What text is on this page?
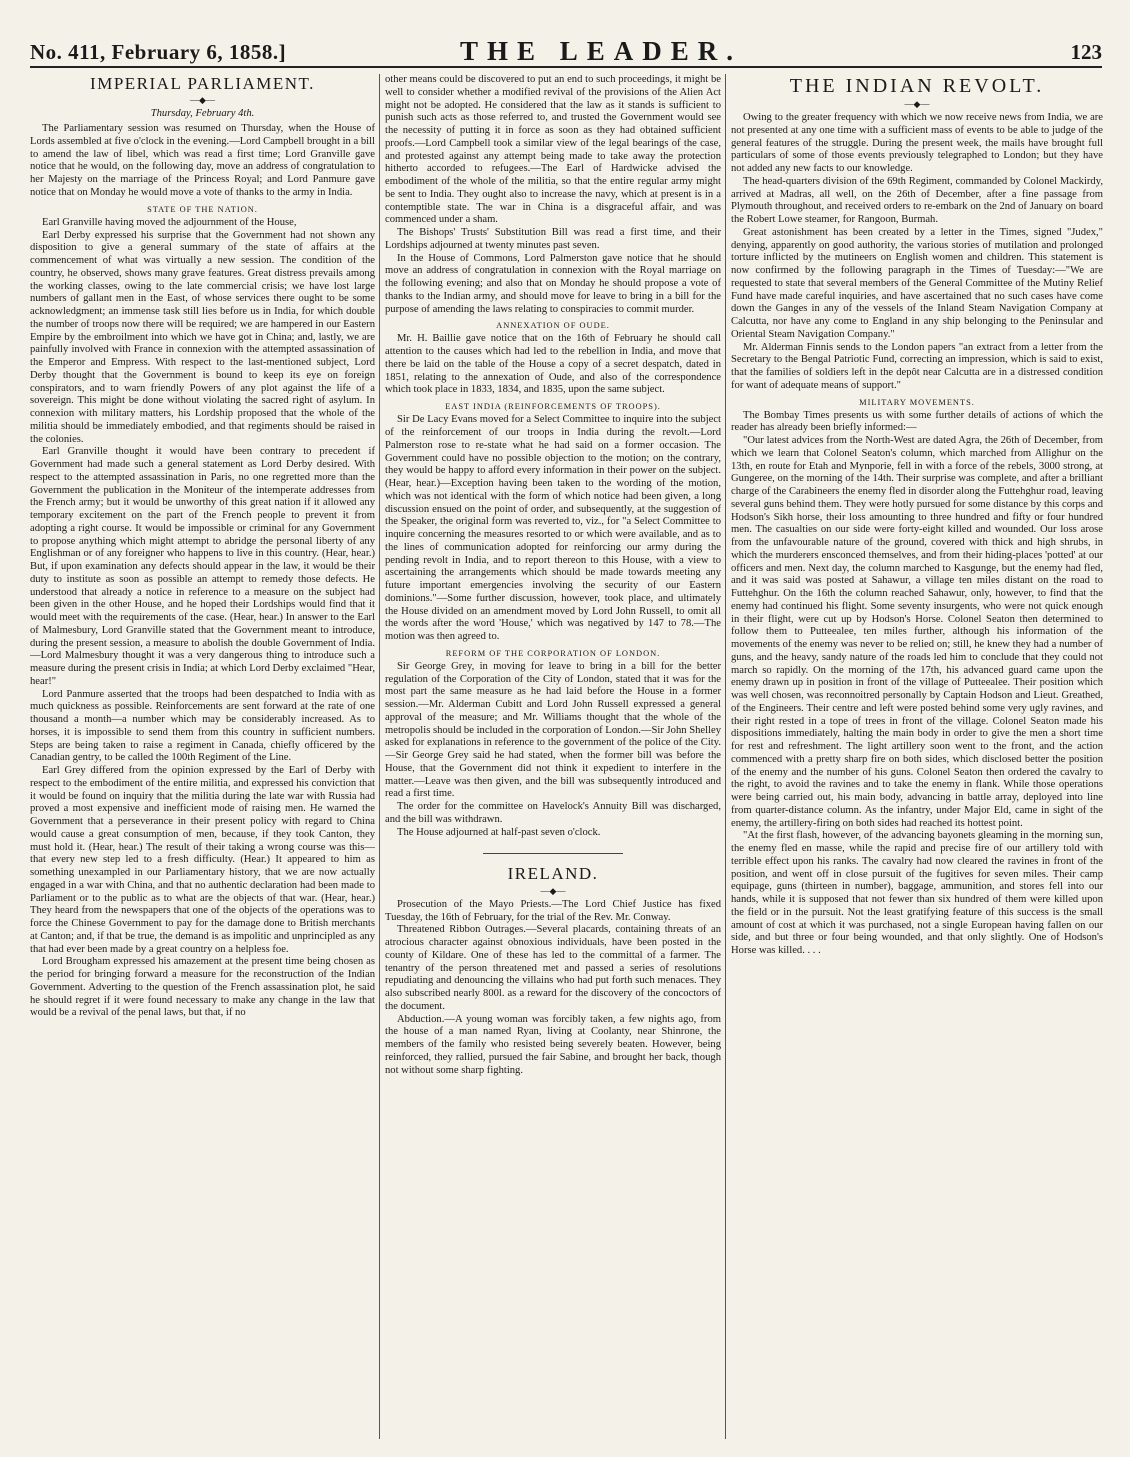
No. 411, February 6, 1858.]	THE LEADER.	123
IMPERIAL PARLIAMENT.
—◆—
Thursday, February 4th.

The Parliamentary session was resumed on Thursday, when the House of Lords assembled at five o'clock in the evening.—Lord Campbell brought in a bill to amend the law of libel, which was read a first time; Lord Granville gave notice that he would, on the following day, move an address of congratulation to her Majesty on the marriage of the Princess Royal; and Lord Panmure gave notice that on Monday he would move a vote of thanks to the army in India.

STATE OF THE NATION.

Earl Granville having moved the adjournment of the House,

Earl Derby expressed his surprise that the Government had not shown any disposition to give a general summary of the state of affairs at the commencement of what was virtually a new session. The condition of the country, he observed, shows many grave features. Great distress prevails among the working classes, owing to the late commercial crisis; we have lost large numbers of gallant men in the East, of whose services there ought to be some acknowledgment; an immense task still lies before us in India, for which double the number of troops now there will be required; we are hampered in our Eastern Empire by the embroilment into which we have got in China; and, lastly, we are painfully involved with France in connexion with the attempted assassination of the Emperor and Empress. With respect to the last-mentioned subject, Lord Derby thought that the Government is bound to keep its eye on foreign conspirators, and to warn friendly Powers of any plot against the life of a sovereign. This might be done without violating the sacred right of asylum. In connexion with military matters, his Lordship proposed that the whole of the militia should be immediately embodied, and that regiments should be raised in the colonies.

Earl Granville thought it would have been contrary to precedent if Government had made such a general statement as Lord Derby desired. With respect to the attempted assassination in Paris, no one regretted more than the Government the publication in the Moniteur of the intemperate addresses from the French army; but it would be unworthy of this great nation if it allowed any temporary excitement on the part of the French people to prevent it from adopting a right course. It would be impossible or criminal for any Government to propose anything which might attempt to abridge the personal liberty of any Englishman or of any foreigner who happens to live in this country. (Hear, hear.) But, if upon examination any defects should appear in the law, it would be their duty to institute as soon as possible an attempt to remedy those defects. He understood that already a notice in reference to a measure on the subject had been given in the other House, and he hoped their Lordships would find that it would meet with the requirements of the case. (Hear, hear.) In answer to the Earl of Malmesbury, Lord Granville stated that the Government meant to introduce, during the present session, a measure to abolish the double Government of India.—Lord Malmesbury thought it was a very dangerous thing to introduce such a measure during the present crisis in India; at which Lord Derby exclaimed "Hear, hear!"

Lord Panmure asserted that the troops had been despatched to India with as much quickness as possible. Reinforcements are sent forward at the rate of one thousand a month—a number which may be considerably increased. As to horses, it is impossible to send them from this country in sufficient numbers. Steps are being taken to raise a regiment in Canada, chiefly officered by the Canadian gentry, to be called the 100th Regiment of the Line.

Earl Grey differed from the opinion expressed by the Earl of Derby with respect to the embodiment of the entire militia, and expressed his conviction that it would be found on inquiry that the militia during the late war with Russia had proved a most expensive and inefficient mode of raising men. He warned the Government that a perseverance in their present policy with regard to China would cause a great consumption of men, because, if they took Canton, they must hold it. (Hear, hear.) The result of their taking a wrong course was this—that every new step led to a fresh difficulty. (Hear.) It appeared to him as something unexampled in our Parliamentary history, that we are now actually engaged in a war with China, and that no authentic declaration had been made to Parliament or to the public as to what are the objects of that war. (Hear, hear.) They heard from the newspapers that one of the objects of the operations was to force the Chinese Government to pay for the damage done to British merchants at Canton; and, if that be true, the demand is as impolitic and unprincipled as any that had ever been made by a great country on a helpless foe.

Lord Brougham expressed his amazement at the present time being chosen as the period for bringing forward a measure for the reconstruction of the Indian Government. Adverting to the question of the French assassination plot, he said he should regret if it were found necessary to make any change in the law that would be a revival of the penal laws, but that, if no

other means could be discovered to put an end to such proceedings, it might be well to consider whether a modified revival of the provisions of the Alien Act might not be adopted. He considered that the law as it stands is sufficient to punish such acts as those referred to, and trusted the Government would see the necessity of putting it in force as soon as they had obtained sufficient proofs.—Lord Campbell took a similar view of the legal bearings of the case, and protested against any attempt being made to take away the protection hitherto accorded to refugees.—The Earl of Hardwicke advised the embodiment of the whole of the militia, so that the entire regular army might be sent to India. They ought also to increase the navy, which at present is in a contemptible state. The war in China is a disgraceful affair, and was commenced under a sham.

The Bishops' Trusts' Substitution Bill was read a first time, and their Lordships adjourned at twenty minutes past seven.

In the House of Commons, Lord Palmerston gave notice that he should move an address of congratulation in connexion with the Royal marriage on the following evening; and also that on Monday he should propose a vote of thanks to the Indian army, and should move for leave to bring in a bill for the purpose of amending the laws relating to conspiracies to commit murder.

ANNEXATION OF OUDE.

Mr. H. Baillie gave notice that on the 16th of February he should call attention to the causes which had led to the rebellion in India, and move that there be laid on the table of the House a copy of a secret despatch, dated in 1851, relating to the annexation of Oude, and also of the correspondence which took place in 1833, 1834, and 1835, upon the same subject.

EAST INDIA (REINFORCEMENTS OF TROOPS).

Sir De Lacy Evans moved for a Select Committee to inquire into the subject of the reinforcement of our troops in India during the revolt.—Lord Palmerston rose to re-state what he had said on a former occasion. The Government could have no possible objection to the motion; on the contrary, they would be happy to afford every information in their power on the subject. (Hear, hear.)—Exception having been taken to the wording of the motion, which was not identical with the form of which notice had been given, a long discussion ensued on the point of order, and subsequently, at the suggestion of the Speaker, the original form was reverted to, viz., for "a Select Committee to inquire concerning the measures resorted to or which were available, and as to the lines of communication adopted for reinforcing our army during the pending revolt in India, and to report thereon to this House, with a view to ascertaining the arrangements which should be made towards meeting any future important emergencies involving the security of our Eastern dominions."—Some further discussion, however, took place, and ultimately the House divided on an amendment moved by Lord John Russell, to omit all the words after the word 'House,' which was negatived by 147 to 78.—The motion was then agreed to.

REFORM OF THE CORPORATION OF LONDON.

Sir George Grey, in moving for leave to bring in a bill for the better regulation of the Corporation of the City of London, stated that it was for the most part the same measure as he had laid before the House in a former session.—Mr. Alderman Cubitt and Lord John Russell expressed a general approval of the measure; and Mr. Williams thought that the whole of the metropolis should be included in the corporation of London.—Sir John Shelley asked for explanations in reference to the government of the police of the City.—Sir George Grey said he had stated, when the former bill was before the House, that the Government did not think it expedient to interfere in the matter.—Leave was then given, and the bill was subsequently introduced and read a first time.

The order for the committee on Havelock's Annuity Bill was discharged, and the bill was withdrawn.

The House adjourned at half-past seven o'clock.

IRELAND.
—◆—

Prosecution of the Mayo Priests.—The Lord Chief Justice has fixed Tuesday, the 16th of February, for the trial of the Rev. Mr. Conway.

Threatened Ribbon Outrages.—Several placards, containing threats of an atrocious character against obnoxious individuals, have been posted in the county of Kildare. One of these has led to the committal of a farmer. The tenantry of the person threatened met and passed a series of resolutions repudiating and denouncing the villains who had put forth such menaces. They also subscribed nearly 800l. as a reward for the discovery of the concoctors of the document.

Abduction.—A young woman was forcibly taken, a few nights ago, from the house of a man named Ryan, living at Coolanty, near Shinrone, the members of the family who resisted being severely beaten. However, being reinforced, they rallied, pursued the fair Sabine, and brought her back, though not without some sharp fighting.

THE INDIAN REVOLT.
—◆—

Owing to the greater frequency with which we now receive news from India, we are not presented at any one time with a sufficient mass of events to be able to judge of the general features of the struggle. During the present week, the mails have brought full particulars of some of those events previously telegraphed to London; but they have not added any new facts to our knowledge.

The head-quarters division of the 69th Regiment, commanded by Colonel Mackirdy, arrived at Madras, all well, on the 26th of December, after a fine passage from Plymouth throughout, and received orders to re-embark on the 2nd of January on board the Robert Lowe steamer, for Rangoon, Burmah.

Great astonishment has been created by a letter in the Times, signed "Judex," denying, apparently on good authority, the various stories of mutilation and prolonged torture inflicted by the mutineers on English women and children. This statement is now confirmed by the following paragraph in the Times of Tuesday:—"We are requested to state that several members of the General Committee of the Mutiny Relief Fund have made careful inquiries, and have ascertained that no such cases have come down the Ganges in any of the vessels of the Inland Steam Navigation Company at Calcutta, nor have any come to England in any ship belonging to the Peninsular and Oriental Steam Navigation Company."

Mr. Alderman Finnis sends to the London papers "an extract from a letter from the Secretary to the Bengal Patriotic Fund, correcting an impression, which is said to exist, that the families of soldiers left in the depôt near Calcutta are in a distressed condition for want of adequate means of support."

MILITARY MOVEMENTS.

The Bombay Times presents us with some further details of actions of which the reader has already been briefly informed:—

"Our latest advices from the North-West are dated Agra, the 26th of December, from which we learn that Colonel Seaton's column, which marched from Allighur on the 13th, en route for Etah and Mynporie, fell in with a force of the rebels, 3000 strong, at Gungeree, on the morning of the 14th. Their surprise was complete, and after a brilliant charge of the Carabineers the enemy fled in disorder along the Futtehghur road, leaving several guns behind them. They were hotly pursued for some distance by this corps and Hodson's Sikh horse, their loss amounting to three hundred and fifty or four hundred men. The casualties on our side were forty-eight killed and wounded. Our loss arose from the unfavourable nature of the ground, covered with thick and high shrubs, in which the murderers ensconced themselves, and from their hiding-places 'potted' at our officers and men. Next day, the column marched to Kasgunge, but the enemy had fled, and it was said was posted at Sahawur, a village ten miles distant on the road to Futtehghur. On the 16th the column reached Sahawur, only, however, to find that the enemy had continued his flight. Some seventy insurgents, who were not quick enough in their flight, were cut up by Hodson's Horse. Colonel Seaton then determined to follow them to Putteealee, ten miles further, although his information of the movements of the enemy was never to be relied on; still, he knew they had a number of guns, and the heavy, sandy nature of the roads led him to conclude that they could not march so rapidly. On the morning of the 17th, his advanced guard came upon the enemy drawn up in position in front of the village of Putteealee. Their position which was well chosen, was reconnoitred personally by Captain Hodson and Lieut. Greathed, of the Engineers. Their centre and left were posted behind some very ugly ravines, and their right rested in a tope of trees in front of the village. Colonel Seaton made his dispositions immediately, halting the main body in order to give the men a short time for rest and refreshment. The light artillery soon went to the front, and the action commenced with a pretty sharp fire on both sides, which disclosed better the position of the enemy and the number of his guns. Colonel Seaton then ordered the cavalry to the right, to avoid the ravines and to take the enemy in flank. While those operations were being carried out, his main body, advancing in battle array, deployed into line from quarter-distance column. As the infantry, under Major Eld, came in sight of the enemy, the artillery-firing on both sides had reached its hottest point.

"At the first flash, however, of the advancing bayonets gleaming in the morning sun, the enemy fled en masse, while the rapid and precise fire of our artillery told with terrible effect upon his ranks. The cavalry had now cleared the ravines in front of the position, and went off in close pursuit of the fugitives for seven miles. Their camp equipage, guns (thirteen in number), baggage, ammunition, and stores fell into our hands, while it is supposed that not fewer than six hundred of them were killed upon the field or in the pursuit. Not the least gratifying feature of this success is the small amount of cost at which it was purchased, not a single European having fallen on our side, and but three or four being wounded, and that only slightly. One of Hodson's Horse was killed. . . .
